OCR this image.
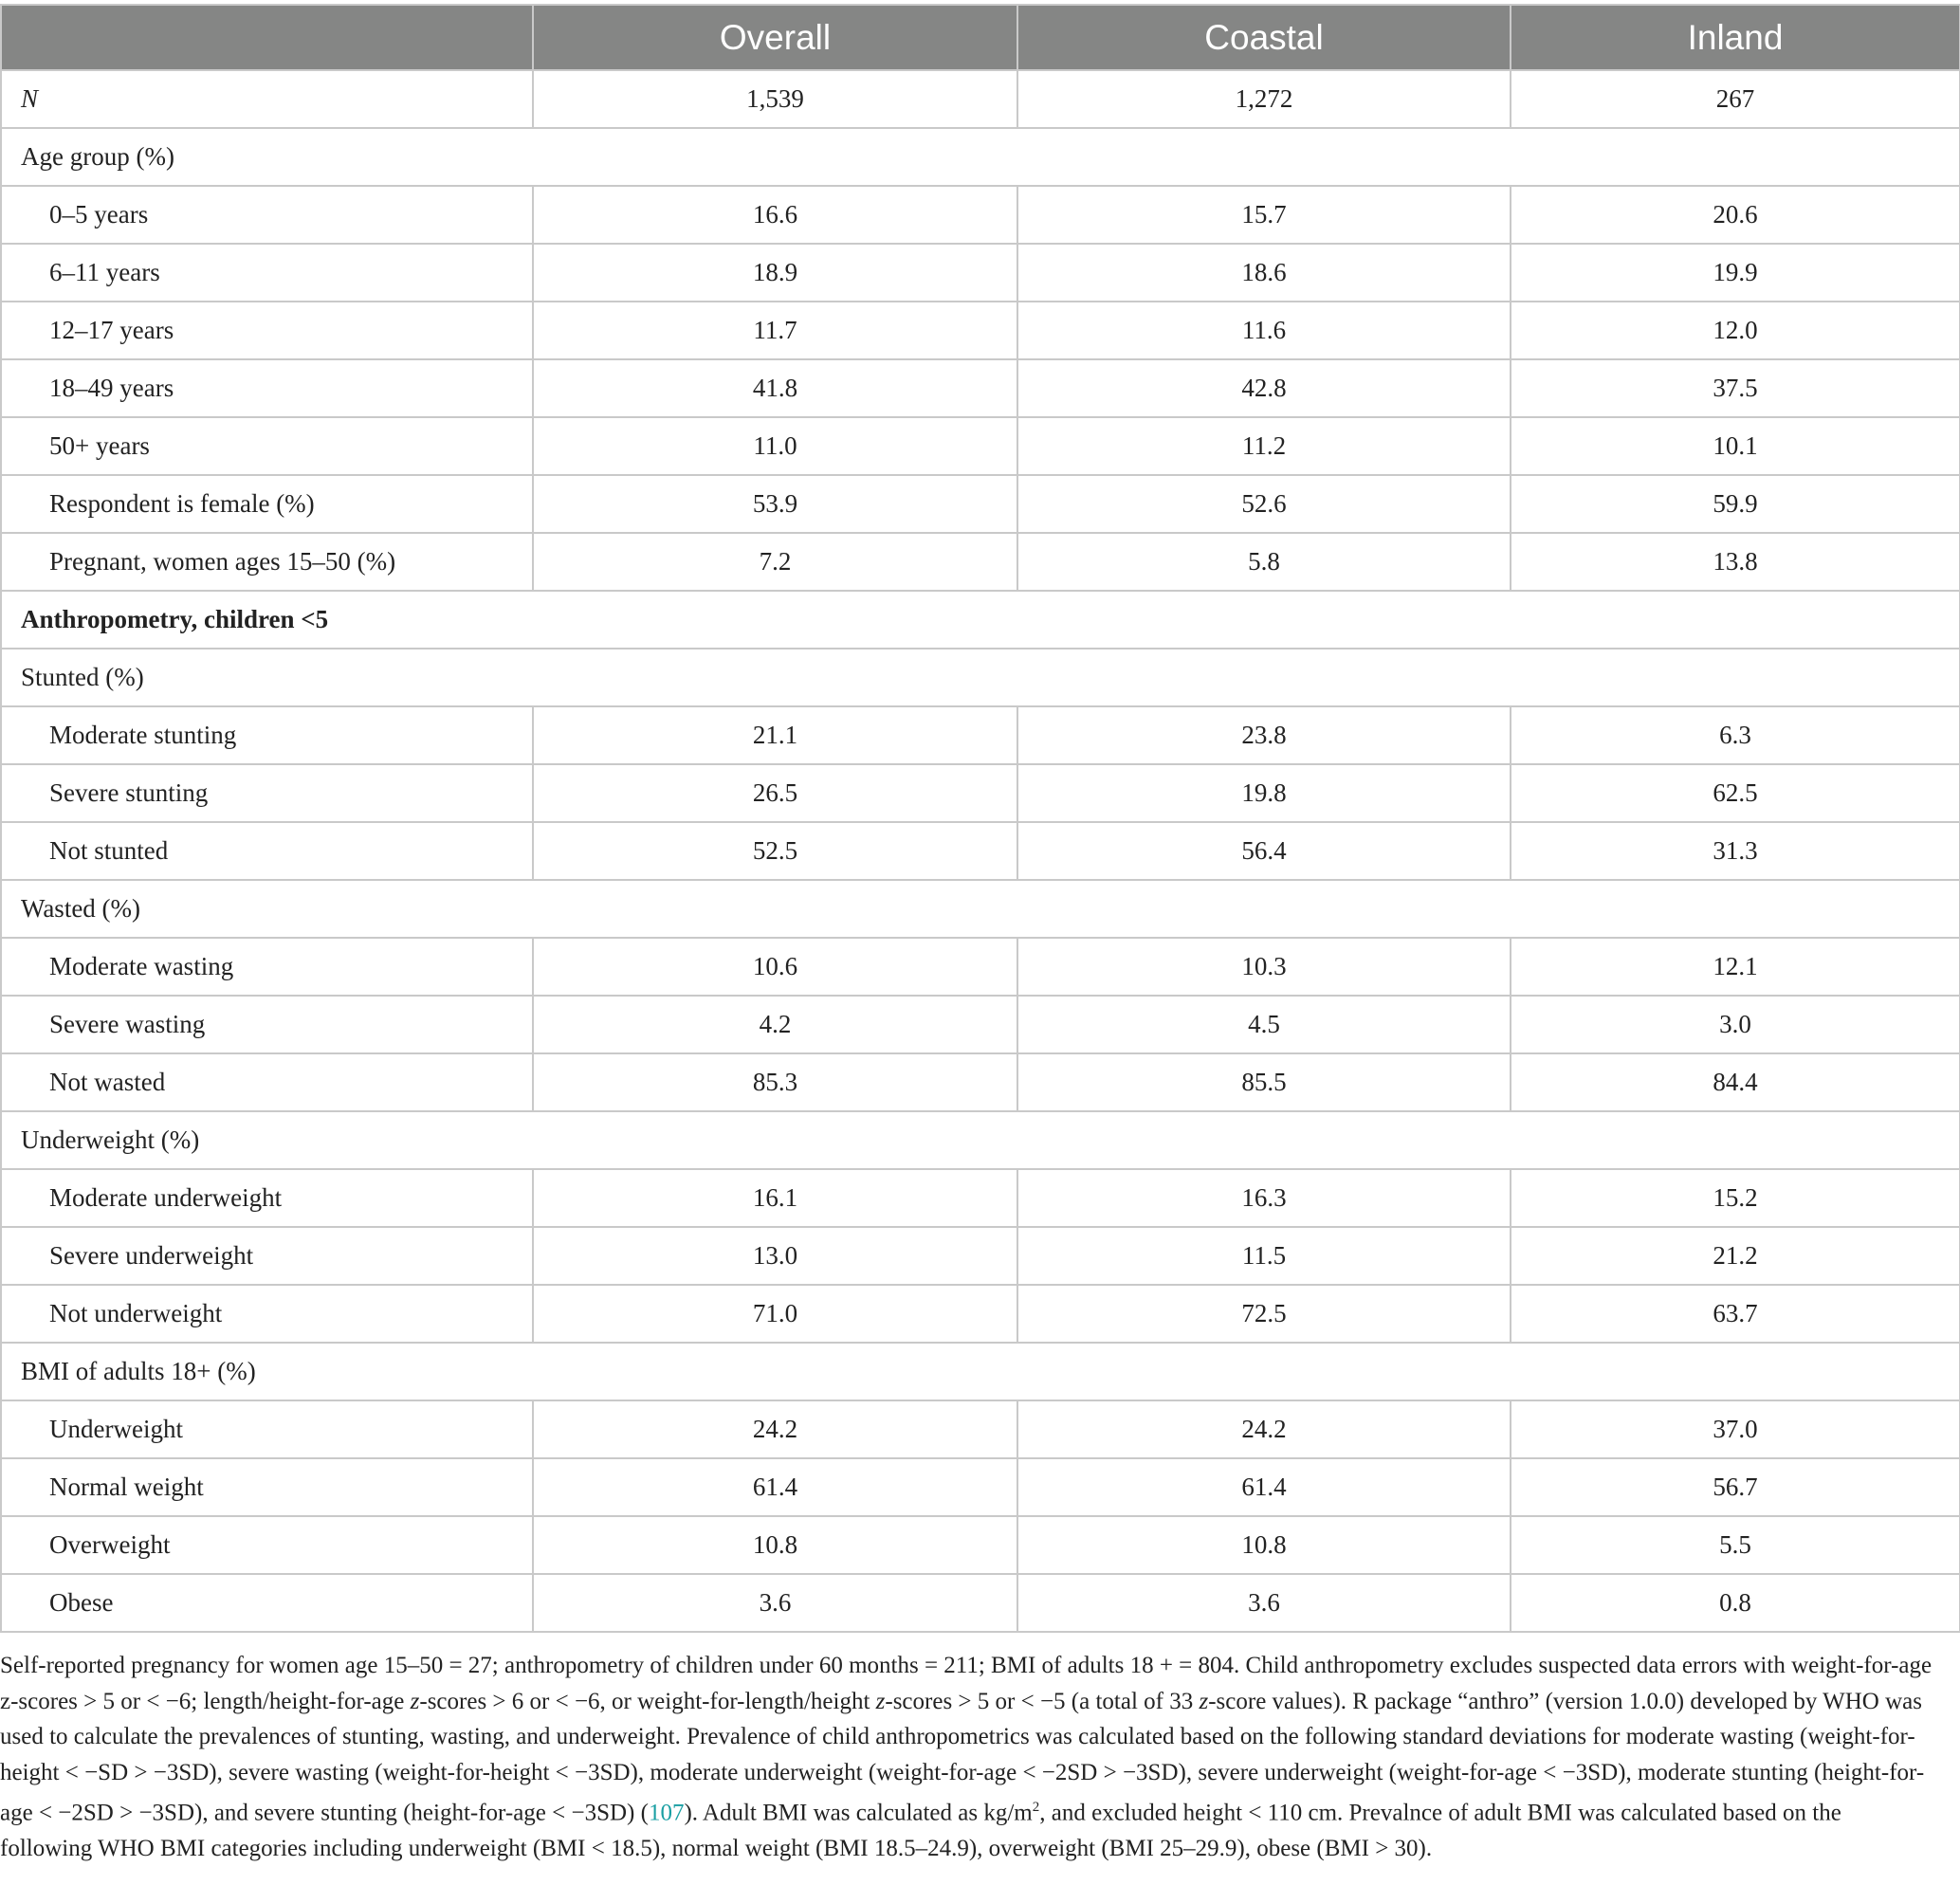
	Overall	Coastal	Inland
N	1,539	1,272	267
Age group (%)			
0–5 years	16.6	15.7	20.6
6–11 years	18.9	18.6	19.9
12–17 years	11.7	11.6	12.0
18–49 years	41.8	42.8	37.5
50+ years	11.0	11.2	10.1
Respondent is female (%)	53.9	52.6	59.9
Pregnant, women ages 15–50 (%)	7.2	5.8	13.8
Anthropometry, children <5			
Stunted (%)			
Moderate stunting	21.1	23.8	6.3
Severe stunting	26.5	19.8	62.5
Not stunted	52.5	56.4	31.3
Wasted (%)			
Moderate wasting	10.6	10.3	12.1
Severe wasting	4.2	4.5	3.0
Not wasted	85.3	85.5	84.4
Underweight (%)			
Moderate underweight	16.1	16.3	15.2
Severe underweight	13.0	11.5	21.2
Not underweight	71.0	72.5	63.7
BMI of adults 18+ (%)			
Underweight	24.2	24.2	37.0
Normal weight	61.4	61.4	56.7
Overweight	10.8	10.8	5.5
Obese	3.6	3.6	0.8

Self-reported pregnancy for women age 15–50 = 27; anthropometry of children under 60 months = 211; BMI of adults 18 + = 804. Child anthropometry excludes suspected data errors with weight-for-age z-scores > 5 or < −6; length/height-for-age z-scores > 6 or < −6, or weight-for-length/height z-scores > 5 or < −5 (a total of 33 z-score values). R package “anthro” (version 1.0.0) developed by WHO was used to calculate the prevalences of stunting, wasting, and underweight. Prevalence of child anthropometrics was calculated based on the following standard deviations for moderate wasting (weight-for-height < −SD > −3SD), severe wasting (weight-for-height < −3SD), moderate underweight (weight-for-age < −2SD > −3SD), severe underweight (weight-for-age < −3SD), moderate stunting (height-for-age < −2SD > −3SD), and severe stunting (height-for-age < −3SD) (107). Adult BMI was calculated as $kg/m^2$, and excluded height < 110 cm. Prevalnce of adult BMI was calculated based on the following WHO BMI categories including underweight (BMI < 18.5), normal weight (BMI 18.5–24.9), overweight (BMI 25–29.9), obese (BMI > 30).
